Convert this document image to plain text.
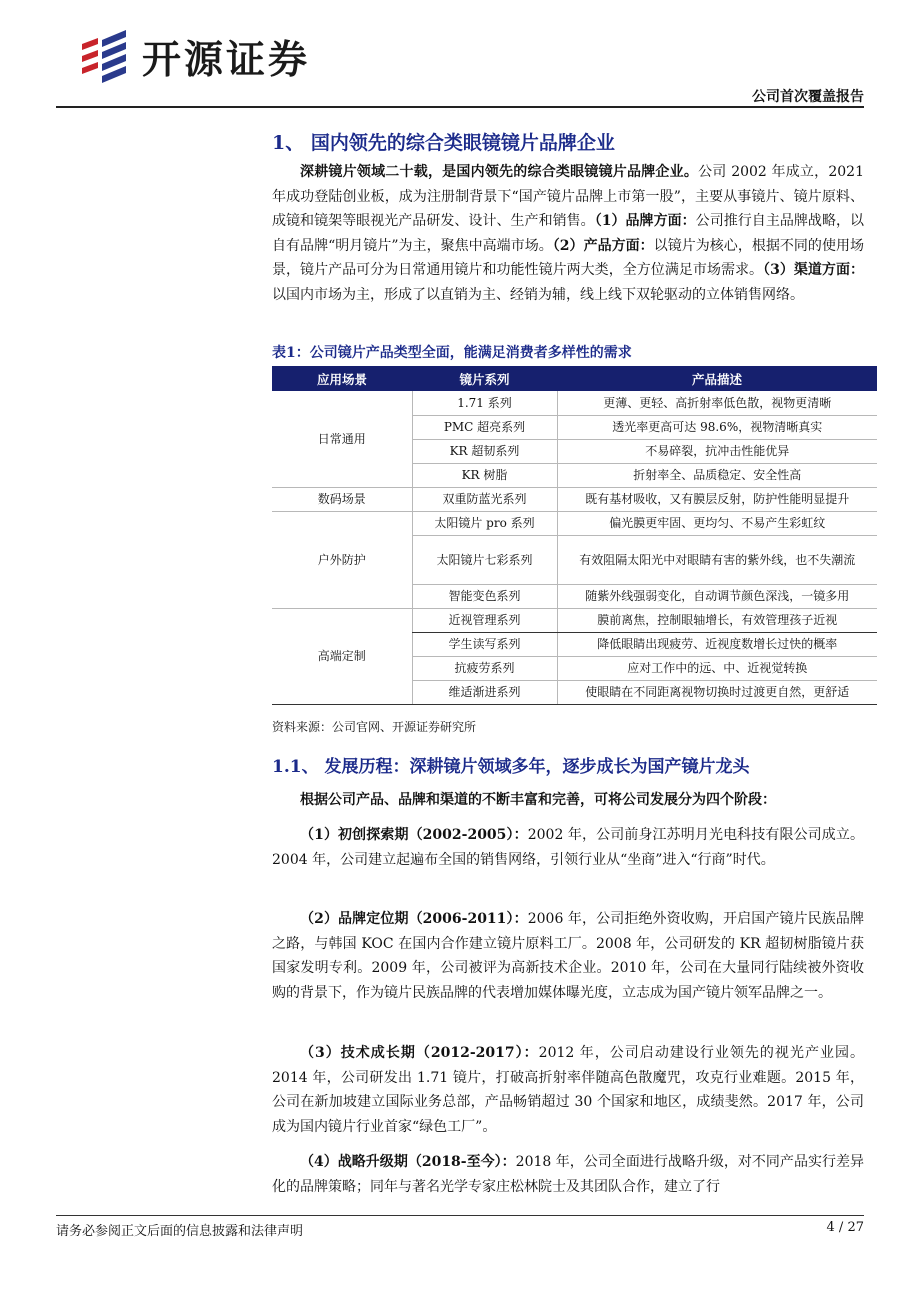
开源证券
公司首次覆盖报告
1、 国内领先的综合类眼镜镜片品牌企业
深耕镜片领域二十载，是国内领先的综合类眼镜镜片品牌企业。公司 2002 年成立，2021 年成功登陆创业板，成为注册制背景下“国产镜片品牌上市第一股”，主要从事镜片、镜片原料、成镜和镜架等眼视光产品研发、设计、生产和销售。（1）品牌方面：公司推行自主品牌战略，以自有品牌“明月镜片”为主，聚焦中高端市场。（2）产品方面：以镜片为核心，根据不同的使用场景，镜片产品可分为日常通用镜片和功能性镜片两大类，全方位满足市场需求。（3）渠道方面：以国内市场为主，形成了以直销为主、经销为辅，线上线下双轮驱动的立体销售网络。
表1：公司镜片产品类型全面，能满足消费者多样性的需求
应用场景	镜片系列	产品描述
日常通用	1.71 系列	更薄、更轻、高折射率低色散，视物更清晰
	PMC 超亮系列	透光率更高可达 98.6%，视物清晰真实
	KR 超韧系列	不易碎裂，抗冲击性能优异
	KR 树脂	折射率全、品质稳定、安全性高
数码场景	双重防蓝光系列	既有基材吸收，又有膜层反射，防护性能明显提升
户外防护	太阳镜片 pro 系列	偏光膜更牢固、更均匀、不易产生彩虹纹
	太阳镜片七彩系列	有效阻隔太阳光中对眼睛有害的紫外线，也不失潮流
	智能变色系列	随紫外线强弱变化，自动调节颜色深浅，一镜多用
高端定制	近视管理系列	膜前离焦，控制眼轴增长，有效管理孩子近视
	学生读写系列	降低眼睛出现疲劳、近视度数增长过快的概率
	抗疲劳系列	应对工作中的远、中、近视觉转换
	维适渐进系列	使眼睛在不同距离视物切换时过渡更自然，更舒适
资料来源：公司官网、开源证券研究所
1.1、 发展历程：深耕镜片领域多年，逐步成长为国产镜片龙头
根据公司产品、品牌和渠道的不断丰富和完善，可将公司发展分为四个阶段：
（1）初创探索期（2002-2005）：2002 年，公司前身江苏明月光电科技有限公司成立。2004 年，公司建立起遍布全国的销售网络，引领行业从“坐商”进入“行商”时代。
（2）品牌定位期（2006-2011）：2006 年，公司拒绝外资收购，开启国产镜片民族品牌之路，与韩国 KOC 在国内合作建立镜片原料工厂。2008 年，公司研发的 KR 超韧树脂镜片获国家发明专利。2009 年，公司被评为高新技术企业。2010 年，公司在大量同行陆续被外资收购的背景下，作为镜片民族品牌的代表增加媒体曝光度，立志成为国产镜片领军品牌之一。
（3）技术成长期（2012-2017）：2012 年，公司启动建设行业领先的视光产业园。2014 年，公司研发出 1.71 镜片，打破高折射率伴随高色散魔咒，攻克行业难题。2015 年，公司在新加坡建立国际业务总部，产品畅销超过 30 个国家和地区，成绩斐然。2017 年，公司成为国内镜片行业首家“绿色工厂”。
（4）战略升级期（2018-至今）：2018 年，公司全面进行战略升级，对不同产品实行差异化的品牌策略；同年与著名光学专家庄松林院士及其团队合作，建立了行
请务必参阅正文后面的信息披露和法律声明	4 / 27
